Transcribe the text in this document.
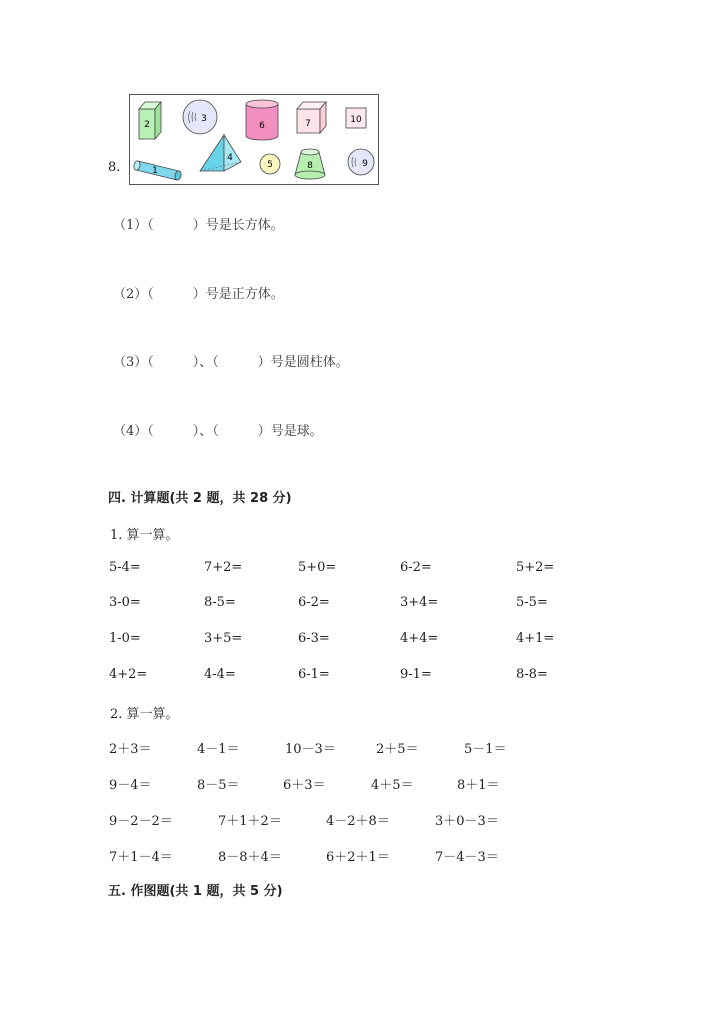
8.
2
3
6	7	10
1
4
5	8	9
（1）（　　　）号是长方体。
（2）（　　　）号是正方体。
（3）（　　　）、（　　　）号是圆柱体。
（4）（　　　）、（　　　）号是球。
四. 计算题(共 2 题，共 28 分)
1. 算一算。
5-4=	7+2=	5+0=	6-2=	5+2=
3-0=	8-5=	6-2=	3+4=	5-5=
1-0=	3+5=	6-3=	4+4=	4+1=
4+2=	4-4=	6-1=	9-1=	8-8=
2. 算一算。
2＋3＝	4－1＝	10－3＝	2＋5＝	5－1＝
9－4＝	8－5＝	6＋3＝	4＋5＝	8＋1＝
9－2－2＝	7＋1＋2＝	4－2＋8＝	3＋0－3＝
7＋1－4＝	8－8＋4＝	6＋2＋1＝	7－4－3＝
五. 作图题(共 1 题，共 5 分)
